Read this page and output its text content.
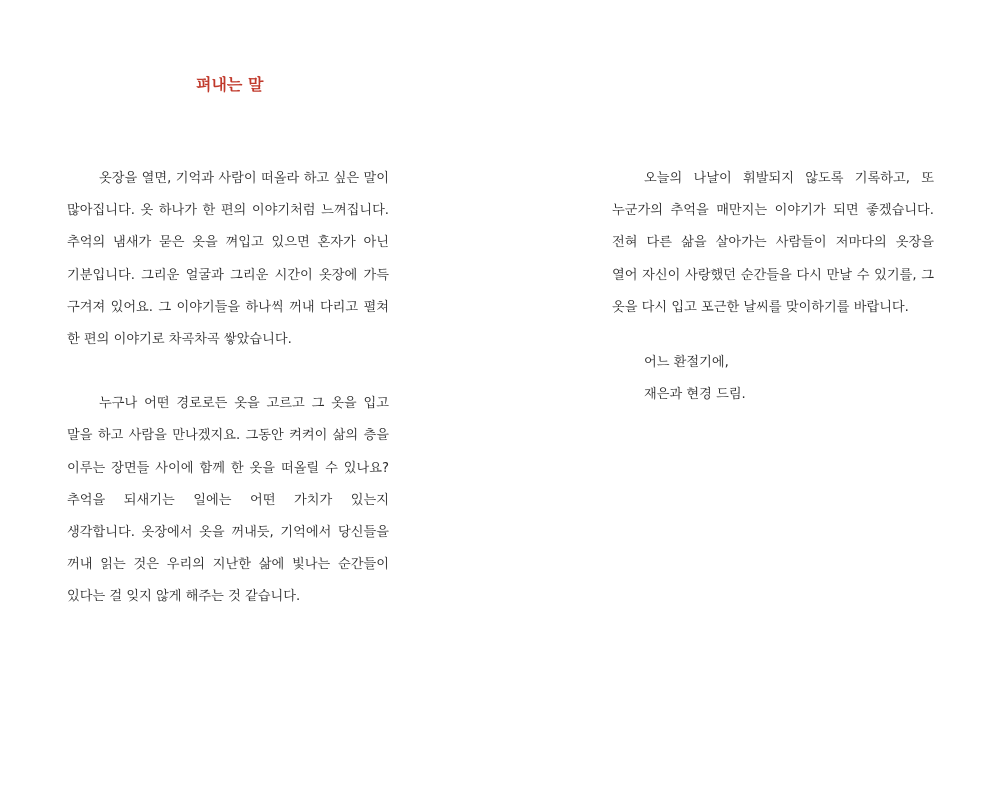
펴내는 말

옷장을 열면, 기억과 사람이 떠올라 하고 싶은 말이 많아집니다. 옷 하나가 한 편의 이야기처럼 느껴집니다. 추억의 냄새가 묻은 옷을 껴입고 있으면 혼자가 아닌 기분입니다. 그리운 얼굴과 그리운 시간이 옷장에 가득 구겨져 있어요. 그 이야기들을 하나씩 꺼내 다리고 펼쳐 한 편의 이야기로 차곡차곡 쌓았습니다.

누구나 어떤 경로로든 옷을 고르고 그 옷을 입고 말을 하고 사람을 만나겠지요. 그동안 켜켜이 삶의 층을 이루는 장면들 사이에 함께 한 옷을 떠올릴 수 있나요? 추억을 되새기는 일에는 어떤 가치가 있는지 생각합니다. 옷장에서 옷을 꺼내듯, 기억에서 당신들을 꺼내 읽는 것은 우리의 지난한 삶에 빛나는 순간들이 있다는 걸 잊지 않게 해주는 것 같습니다.

오늘의 나날이 휘발되지 않도록 기록하고, 또 누군가의 추억을 매만지는 이야기가 되면 좋겠습니다. 전혀 다른 삶을 살아가는 사람들이 저마다의 옷장을 열어 자신이 사랑했던 순간들을 다시 만날 수 있기를, 그 옷을 다시 입고 포근한 날씨를 맞이하기를 바랍니다.

어느 환절기에,
재은과 현경 드림.
